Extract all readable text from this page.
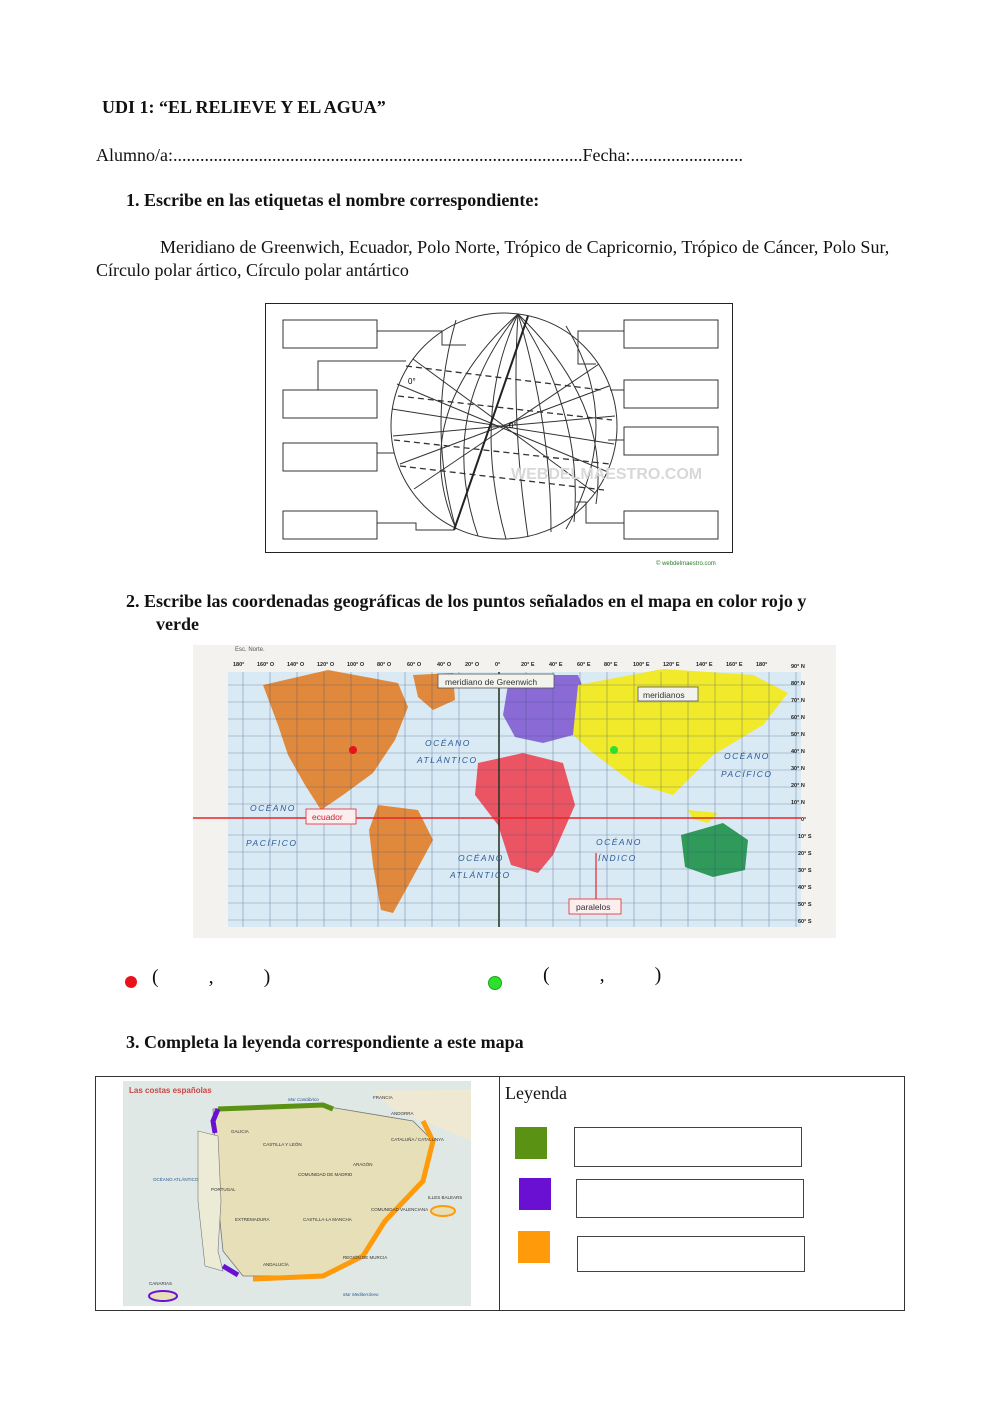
UDI 1: “EL RELIEVE Y EL AGUA”
Alumno/a:...........................................................................................Fecha:.........................
1. Escribe en las etiquetas el nombre correspondiente:
Meridiano de Greenwich, Ecuador, Polo Norte, Trópico de Capricornio, Trópico de Cáncer, Polo Sur, Círculo polar ártico, Círculo polar antártico
0°
0°
WEBDELMAESTRO.COM
© webdelmaestro.com
2. Escribe las coordenadas geográficas de los puntos señalados en el mapa en color rojo y
verde
180° 160° O 140° O 120° O 100° O 80° O	60° O	40° O	20° O	0°	20° E	40° E	60° E 80° E	100° E 120° E	140° E 160° E 180°	90° N
80° N
70° N
60° N
50° N
40° N
30° N
20° N
10° N
0°
10° S
20° S
30° S
40° S
50° S
60° S
Esc. Norte.
meridiano de Greenwich
meridianos
ecuador
paralelos
OCÉANO
ATLÁNTICO
OCÉANO
PACÍFICO
OCÉANO
PACÍFICO
OCÉANO
ATLÁNTICO
OCÉANO
ÍNDICO
(          ,          )	(          ,          )
3. Completa la leyenda correspondiente a este mapa
Las costas españolas
FRANCIA
ANDORRA
Mar Cantábrico
GALICIA
CASTILLA Y LEÓN
CATALUÑA / CATALUNYA
ARAGÓN
COMUNIDAD DE MADRID
EXTREMADURA	CASTILLA-LA MANCHA
COMUNIDAD VALENCIANA
ANDALUCÍA
REGIÓN DE MURCIA
PORTUGAL
OCÉANO ATLÁNTICO
ILLES BALEARS
CANARIAS
Mar Mediterráneo
Leyenda
